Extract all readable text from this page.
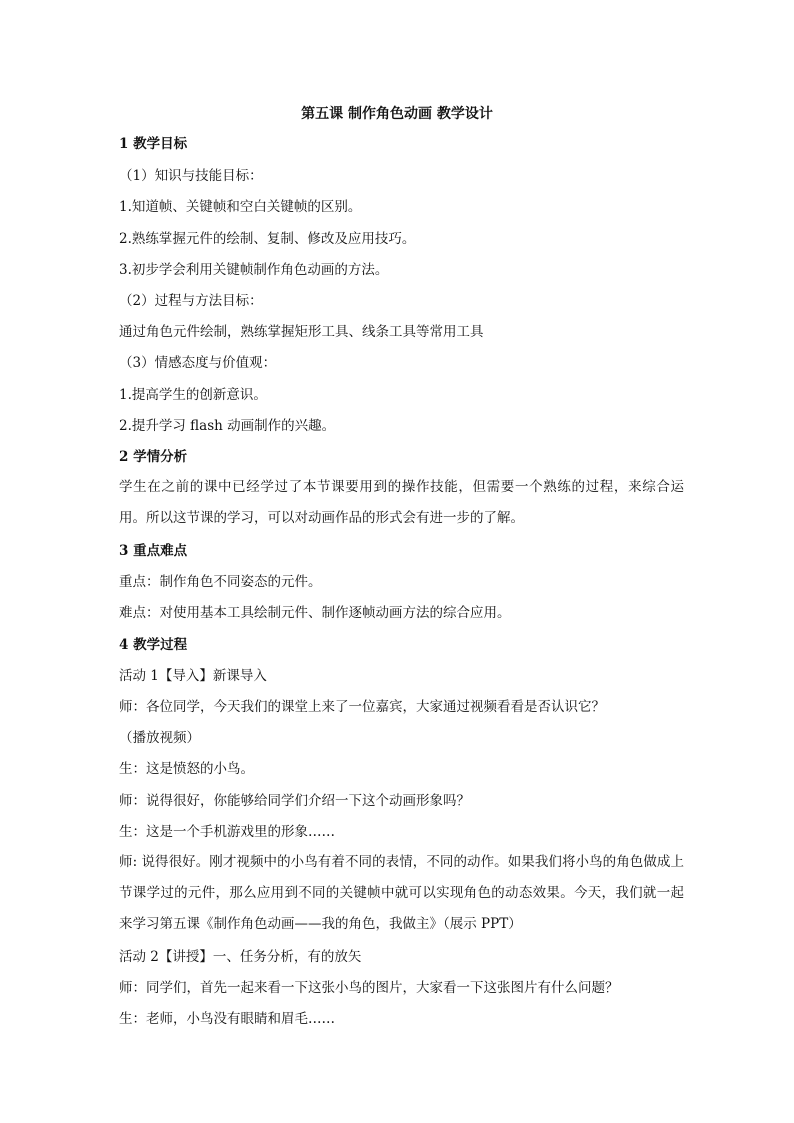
第五课 制作角色动画 教学设计
1 教学目标
（1）知识与技能目标：
1.知道帧、关键帧和空白关键帧的区别。
2.熟练掌握元件的绘制、复制、修改及应用技巧。
3.初步学会利用关键帧制作角色动画的方法。
（2）过程与方法目标：
通过角色元件绘制，熟练掌握矩形工具、线条工具等常用工具
（3）情感态度与价值观：
1.提高学生的创新意识。
2.提升学习 flash 动画制作的兴趣。
2 学情分析
学生在之前的课中已经学过了本节课要用到的操作技能，但需要一个熟练的过程，来综合运用。所以这节课的学习，可以对动画作品的形式会有进一步的了解。
3 重点难点
重点：制作角色不同姿态的元件。
难点：对使用基本工具绘制元件、制作逐帧动画方法的综合应用。
4 教学过程
活动 1【导入】新课导入
师：各位同学，今天我们的课堂上来了一位嘉宾，大家通过视频看看是否认识它？
（播放视频）
生：这是愤怒的小鸟。
师：说得很好，你能够给同学们介绍一下这个动画形象吗？
生：这是一个手机游戏里的形象……
师: 说得很好。刚才视频中的小鸟有着不同的表情，不同的动作。如果我们将小鸟的角色做成上节课学过的元件，那么应用到不同的关键帧中就可以实现角色的动态效果。今天，我们就一起来学习第五课《制作角色动画——我的角色，我做主》（展示 PPT）
活动 2【讲授】一、任务分析，有的放矢
师：同学们，首先一起来看一下这张小鸟的图片，大家看一下这张图片有什么问题？
生：老师，小鸟没有眼睛和眉毛……
